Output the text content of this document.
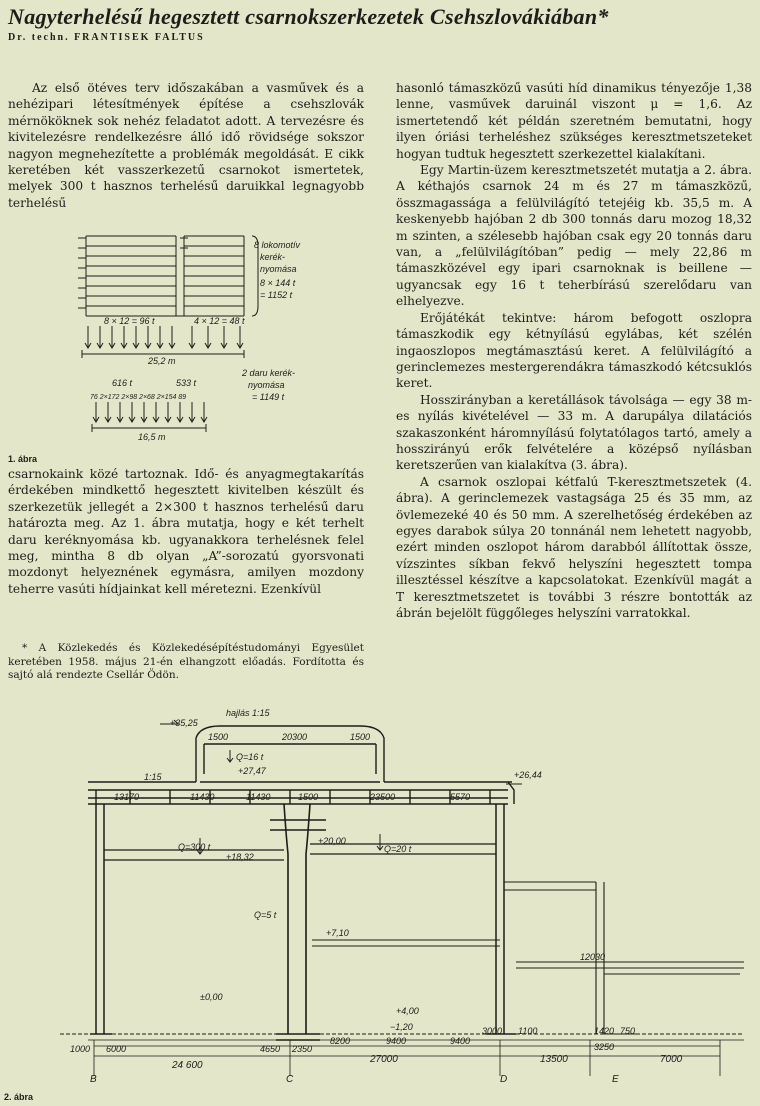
Nagyterhelésű hegesztett csarnokszerkezetek Csehszlovákiában*
Dr. techn. FRANTISEK FALTUS

Az első ötéves terv időszakában a vasművek és a nehézipari létesítmények építése a csehszlovák mérnököknek sok nehéz feladatot adott. A tervezésre és kivitelezésre rendelkezésre álló idő rövidsége sokszor nagyon megnehezítette a problémák megoldását. E cikk keretében két vasszerkezetű csarnokot ismertetek, melyek 300 t hasznos terhelésű daruikkal legnagyobb terhelésű

8 lokomotív
kerék-
nyomása
8 × 144 t
= 1152 t
8 × 12 = 96 t	4 × 12 = 48 t
25,2 m
2 daru kerék-
nyomása
= 1149 t
616 t	533 t
76 2×172 2×98 2×68 2×154 89
16,5 m
1. ábra

csarnokaink közé tartoznak. Idő- és anyagmegtakarítás érdekében mindkettő hegesztett kivitelben készült és szerkezetük jellegét a 2×300 t hasznos terhelésű daru határozta meg. Az 1. ábra mutatja, hogy e két terhelt daru keréknyomása kb. ugyanakkora terhelésnek felel meg, mintha 8 db olyan „A”-sorozatú gyorsvonati mozdonyt helyeznének egymásra, amilyen mozdony teherre vasúti hídjainkat kell méretezni. Ezenkívül

* A Közlekedés és Közlekedésépítéstudományi Egyesület keretében 1958. május 21-én elhangzott előadás. Fordította és sajtó alá rendezte Csellár Ödön.

hasonló támaszközű vasúti híd dinamikus tényezője 1,38 lenne, vasművek daruinál viszont μ = 1,6. Az ismertetendő két példán szeretném bemutatni, hogy ilyen óriási terheléshez szükséges keresztmetszeteket hogyan tudtuk hegesztett szerkezettel kialakítani.

Egy Martin-üzem keresztmetszetét mutatja a 2. ábra. A kéthajós csarnok 24 m és 27 m támaszközű, összmagassága a felülvilágító tetejéig kb. 35,5 m. A keskenyebb hajóban 2 db 300 tonnás daru mozog 18,32 m szinten, a szélesebb hajóban csak egy 20 tonnás daru van, a „felülvilágítóban” pedig — mely 22,86 m támaszközével egy ipari csarnoknak is beillene — ugyancsak egy 16 t teherbírású szerelődaru van elhelyezve.

Erőjátékát tekintve: három befogott oszlopra támaszkodik egy kétnyílású egylábas, két szélén ingaoszlopos megtámasztású keret. A felülvilágító a gerinclemezes mestergerendákra támaszkodó kétcsuklós keret.

Hosszirányban a keretállások távolsága — egy 38 m-es nyílás kivételével — 33 m. A darupálya dilatációs szakaszonként háromnyílású folytatólagos tartó, amely a hosszirányú erők felvételére a középső nyílásban keretszerűen van kialakítva (3. ábra).

A csarnok oszlopai kétfalú T-keresztmetszetek (4. ábra). A gerinclemezek vastagsága 25 és 35 mm, az övlemezeké 40 és 50 mm. A szerelhetőség érdekében az egyes darabok súlya 20 tonnánál nem lehetett nagyobb, ezért minden oszlopot három darabból állítottak össze, vízszintes síkban fekvő helyszíni hegesztett tompa illesztéssel készítve a kapcsolatokat. Ezenkívül magát a T keresztmetszetet is további 3 részre bontották az ábrán bejelölt függőleges helyszíni varratokkal.

+35,25
hajlás 1:15
1:15
1500	20300	1500
Q=16 t
+27,47	+26,44
13170	11430	11430	1500	23500	5570
Q=300 t
+18,32
+20,00
Q=20 t
Q=5 t
+7,10
12030
±0,00
+4,00
−1,20
1000 6000	4650 2350
3000 1100	1420 750
3250
8200	9400	9400
24 600
27000	13500	7000
B	C	D	E
2. ábra
